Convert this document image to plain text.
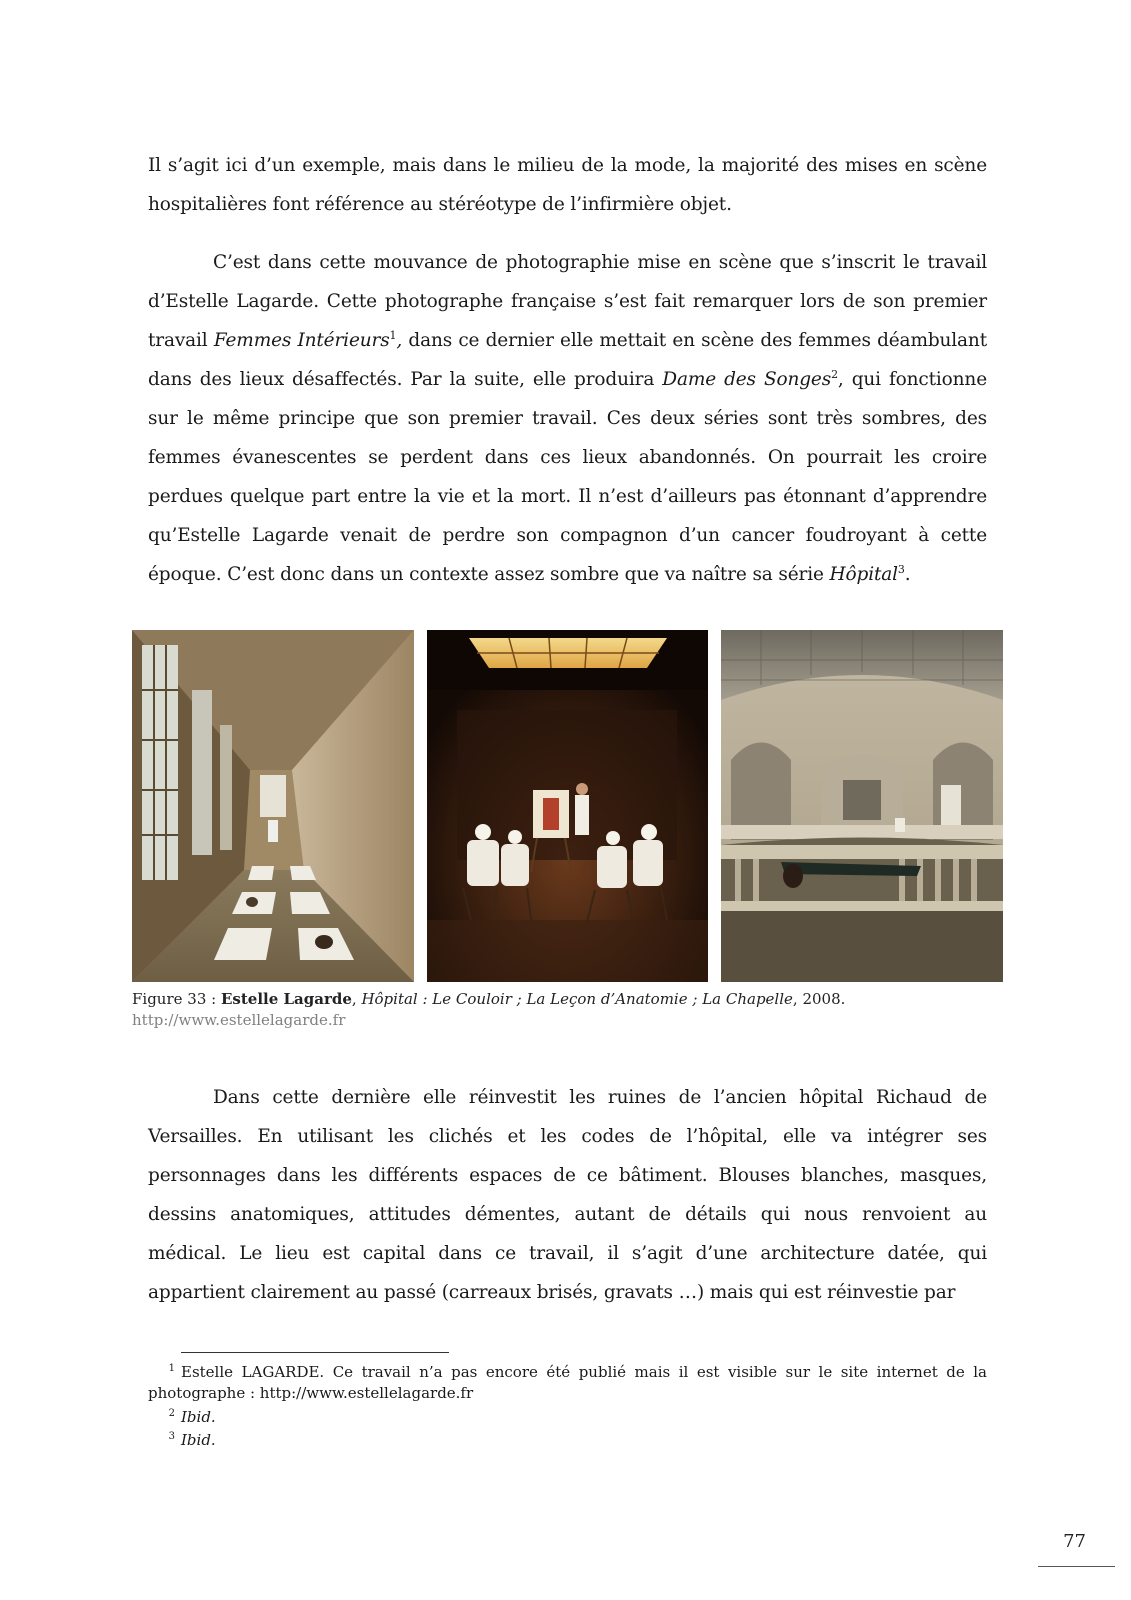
Il s’agit ici d’un exemple, mais dans le milieu de la mode, la majorité des mises en scène hospitalières font référence au stéréotype de l’infirmière objet.

C’est dans cette mouvance de photographie mise en scène que s’inscrit le travail d’Estelle Lagarde. Cette photographe française s’est fait remarquer lors de son premier travail Femmes Intérieurs$^1$, dans ce dernier elle mettait en scène des femmes déambulant dans des lieux désaffectés. Par la suite, elle produira Dame des Songes$^2$, qui fonctionne sur le même principe que son premier travail. Ces deux séries sont très sombres, des femmes évanescentes se perdent dans ces lieux abandonnés. On pourrait les croire perdues quelque part entre la vie et la mort. Il n’est d’ailleurs pas étonnant d’apprendre qu’Estelle Lagarde venait de perdre son compagnon d’un cancer foudroyant à cette époque. C’est donc dans un contexte assez sombre que va naître sa série Hôpital$^3$.

Figure 33 : Estelle Lagarde, Hôpital : Le Couloir ; La Leçon d’Anatomie ; La Chapelle, 2008.
http://www.estellelagarde.fr

Dans cette dernière elle réinvestit les ruines de l’ancien hôpital Richaud de Versailles. En utilisant les clichés et les codes de l’hôpital, elle va intégrer ses personnages dans les différents espaces de ce bâtiment. Blouses blanches, masques, dessins anatomiques, attitudes démentes, autant de détails qui nous renvoient au médical. Le lieu est capital dans ce travail, il s’agit d’une architecture datée, qui appartient clairement au passé (carreaux brisés, gravats …) mais qui est réinvestie par

$^1$ Estelle LAGARDE. Ce travail n’a pas encore été publié mais il est visible sur le site internet de la photographe : http://www.estellelagarde.fr

$^2$ Ibid.

$^3$ Ibid.

77
